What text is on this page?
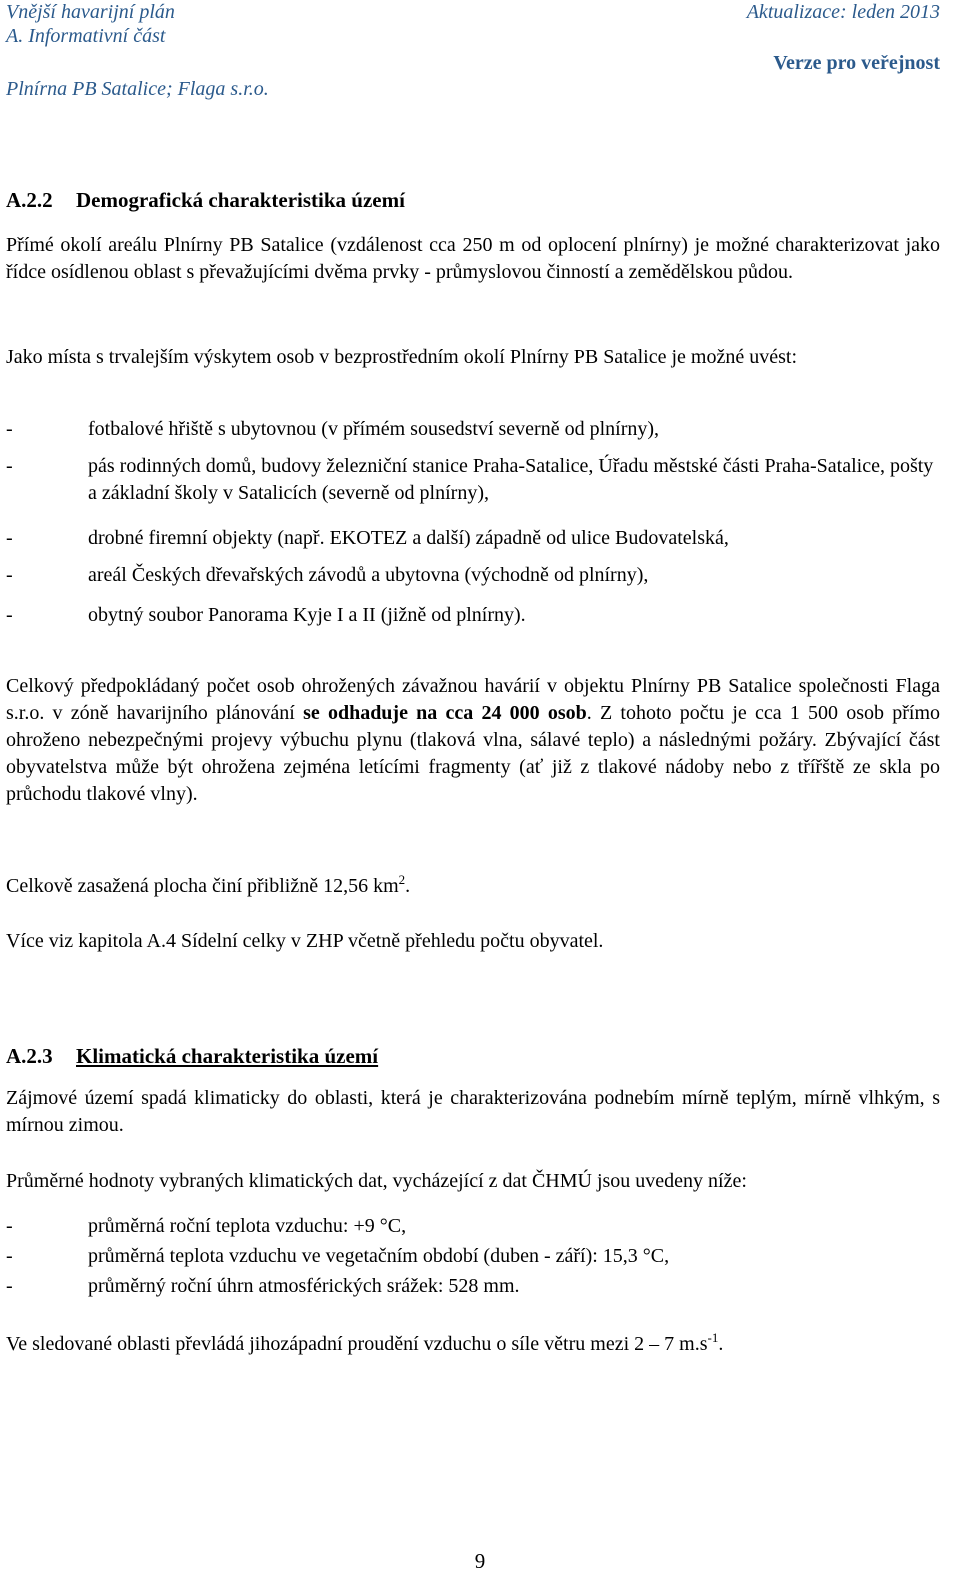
Vnější havarijní plán
A. Informativní část
Plnírna PB Satalice; Flaga s.r.o.
Aktualizace: leden 2013
Verze pro veřejnost
A.2.2 Demografická charakteristika území
Přímé okolí areálu Plnírny PB Satalice (vzdálenost cca 250 m od oplocení plnírny) je možné charakterizovat jako řídce osídlenou oblast s převažujícími dvěma prvky - průmyslovou činností a zemědělskou půdou.
Jako místa s trvalejším výskytem osob v bezprostředním okolí Plnírny PB Satalice je možné uvést:
-	fotbalové hřiště s ubytovnou (v přímém sousedství severně od plnírny),
-	pás rodinných domů, budovy železniční stanice Praha-Satalice, Úřadu městské části Praha-Satalice, pošty a základní školy v Satalicích (severně od plnírny),
-	drobné firemní objekty (např. EKOTEZ a další) západně od ulice Budovatelská,
-	areál Českých dřevařských závodů a ubytovna (východně od plnírny),
-	obytný soubor Panorama Kyje I a II (jižně od plnírny).
Celkový předpokládaný počet osob ohrožených závažnou havárií v objektu Plnírny PB Satalice společnosti Flaga s.r.o. v zóně havarijního plánování se odhaduje na cca 24 000 osob. Z tohoto počtu je cca 1 500 osob přímo ohroženo nebezpečnými projevy výbuchu plynu (tlaková vlna, sálavé teplo) a následnými požáry. Zbývající část obyvatelstva může být ohrožena zejména letícími fragmenty (ať již z tlakové nádoby nebo z třířště ze skla po průchodu tlakové vlny).
Celkově zasažená plocha činí přibližně 12,56 $km^2$.
Více viz kapitola A.4 Sídelní celky v ZHP včetně přehledu počtu obyvatel.
A.2.3 Klimatická charakteristika území
Zájmové území spadá klimaticky do oblasti, která je charakterizována podnebím mírně teplým, mírně vlhkým, s mírnou zimou.
Průměrné hodnoty vybraných klimatických dat, vycházející z dat ČHMÚ jsou uvedeny níže:
-	průměrná roční teplota vzduchu: +9 °C,
-	průměrná teplota vzduchu ve vegetačním období (duben - září): 15,3 °C,
-	průměrný roční úhrn atmosférických srážek: 528 mm.
Ve sledované oblasti převládá jihozápadní proudění vzduchu o síle větru mezi 2 – 7 $m.s^{-1}$.
9
